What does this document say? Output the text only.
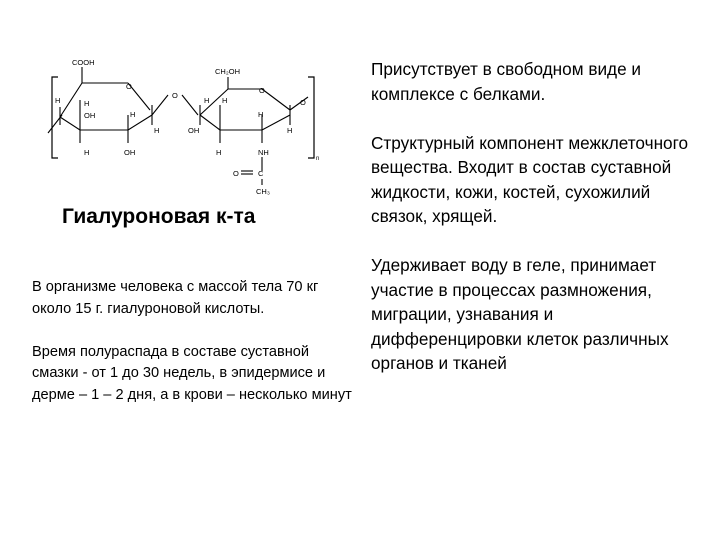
COOH
CH₂OH
O	O
O
O
H	H
OH	H
H
H	OH
H H
OH
H
H
H	NH
O	C
CH₃
n
Гиалуроновая к-та

В организме человека с массой тела 70 кг около 15 г. гиалуроновой кислоты.

Время полураспада в составе суставной смазки - от 1 до 30 недель, в эпидермисе и дерме – 1 – 2 дня, а в крови – несколько минут

Присутствует в свободном виде и комплексе с белками.

Структурный компонент межклеточного вещества. Входит в состав суставной жидкости, кожи, костей, сухожилий связок, хрящей.

Удерживает воду в геле, принимает участие в процессах размножения, миграции, узнавания и дифференцировки клеток различных органов и тканей
